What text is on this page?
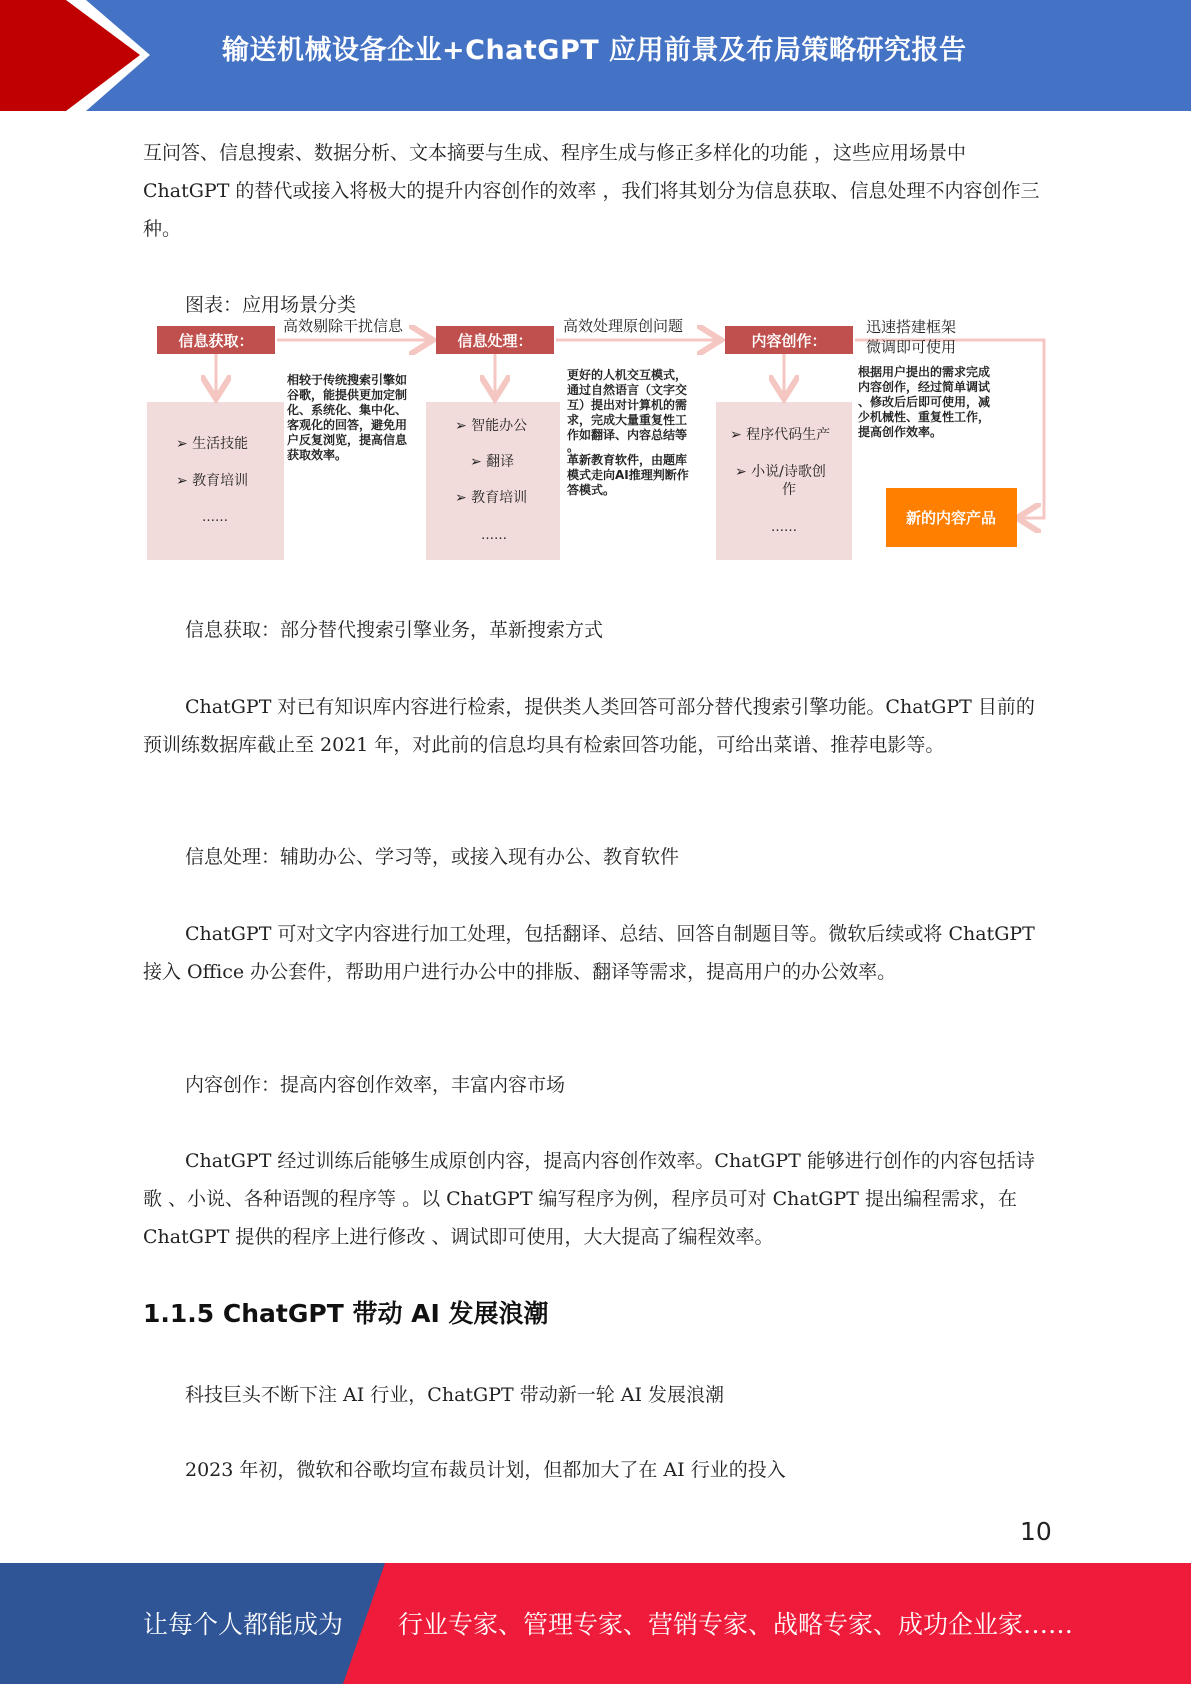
输送机械设备企业+ChatGPT 应用前景及布局策略研究报告
互问答、信息搜索、数据分析、文本摘要与生成、程序生成与修正多样化的功能 ，这些应用场景中 ChatGPT 的替代或接入将极大的提升内容创作的效率 ，我们将其划分为信息获取、信息处理不内容创作三种。
图表：应用场景分类
信息获取：
➢ 生活技能
➢ 教育培训
……
高效剔除干扰信息
相较于传统搜索引擎如
谷歌，能提供更加定制
化、系统化、集中化、
客观化的回答，避免用
户反复浏览，提高信息
获取效率。
信息处理：
➢ 智能办公
➢ 翻译
➢ 教育培训
……
高效处理原创问题
更好的人机交互模式，
通过自然语言（文字交
互）提出对计算机的需
求，完成大量重复性工
作如翻译、内容总结等
。
革新教育软件，由题库
模式走向AI推理判断作
答模式。
内容创作：
➢ 程序代码生产
➢ 小说/诗歌创
作
……
迅速搭建框架
微调即可使用
根据用户提出的需求完成
内容创作，经过简单调试
、修改后后即可使用，减
少机械性、重复性工作，
提高创作效率。
新的内容产品
信息获取：部分替代搜索引擎业务，革新搜索方式
ChatGPT 对已有知识库内容进行检索，提供类人类回答可部分替代搜索引擎功能。ChatGPT 目前的预训练数据库截止至 2021 年，对此前的信息均具有检索回答功能，可给出菜谱、推荐电影等。
信息处理：辅助办公、学习等，或接入现有办公、教育软件
ChatGPT 可对文字内容进行加工处理，包括翻译、总结、回答自制题目等。微软后续或将 ChatGPT 接入 Office 办公套件，帮助用户进行办公中的排版、翻译等需求，提高用户的办公效率。
内容创作：提高内容创作效率，丰富内容市场
ChatGPT 经过训练后能够生成原创内容，提高内容创作效率。ChatGPT 能够进行创作的内容包括诗歌 、小说、各种语觊的程序等 。以 ChatGPT 编写程序为例，程序员可对 ChatGPT 提出编程需求，在 ChatGPT 提供的程序上进行修改 、调试即可使用，大大提高了编程效率。
1.1.5 ChatGPT 带动 AI 发展浪潮
科技巨头不断下注 AI 行业，ChatGPT 带动新一轮 AI 发展浪潮
2023 年初，微软和谷歌均宣布裁员计划，但都加大了在 AI 行业的投入
10
让每个人都能成为 行业专家、管理专家、营销专家、战略专家、成功企业家……
